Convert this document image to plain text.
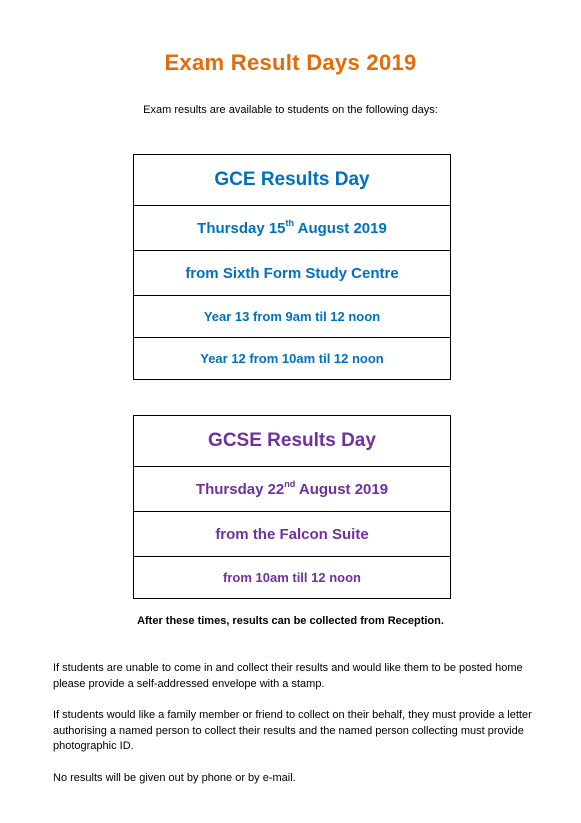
Exam Result Days 2019
Exam results are available to students on the following days:
GCE Results Day
Thursday 15th August 2019
from Sixth Form Study Centre
Year 13 from 9am til 12 noon
Year 12 from 10am til 12 noon
GCSE Results Day
Thursday 22nd August 2019
from the Falcon Suite
from 10am till 12 noon
After these times, results can be collected from Reception.

If students are unable to come in and collect their results and would like them to be posted home please provide a self-addressed envelope with a stamp.

If students would like a family member or friend to collect on their behalf, they must provide a letter authorising a named person to collect their results and the named person collecting must provide photographic ID.

No results will be given out by phone or by e-mail.
